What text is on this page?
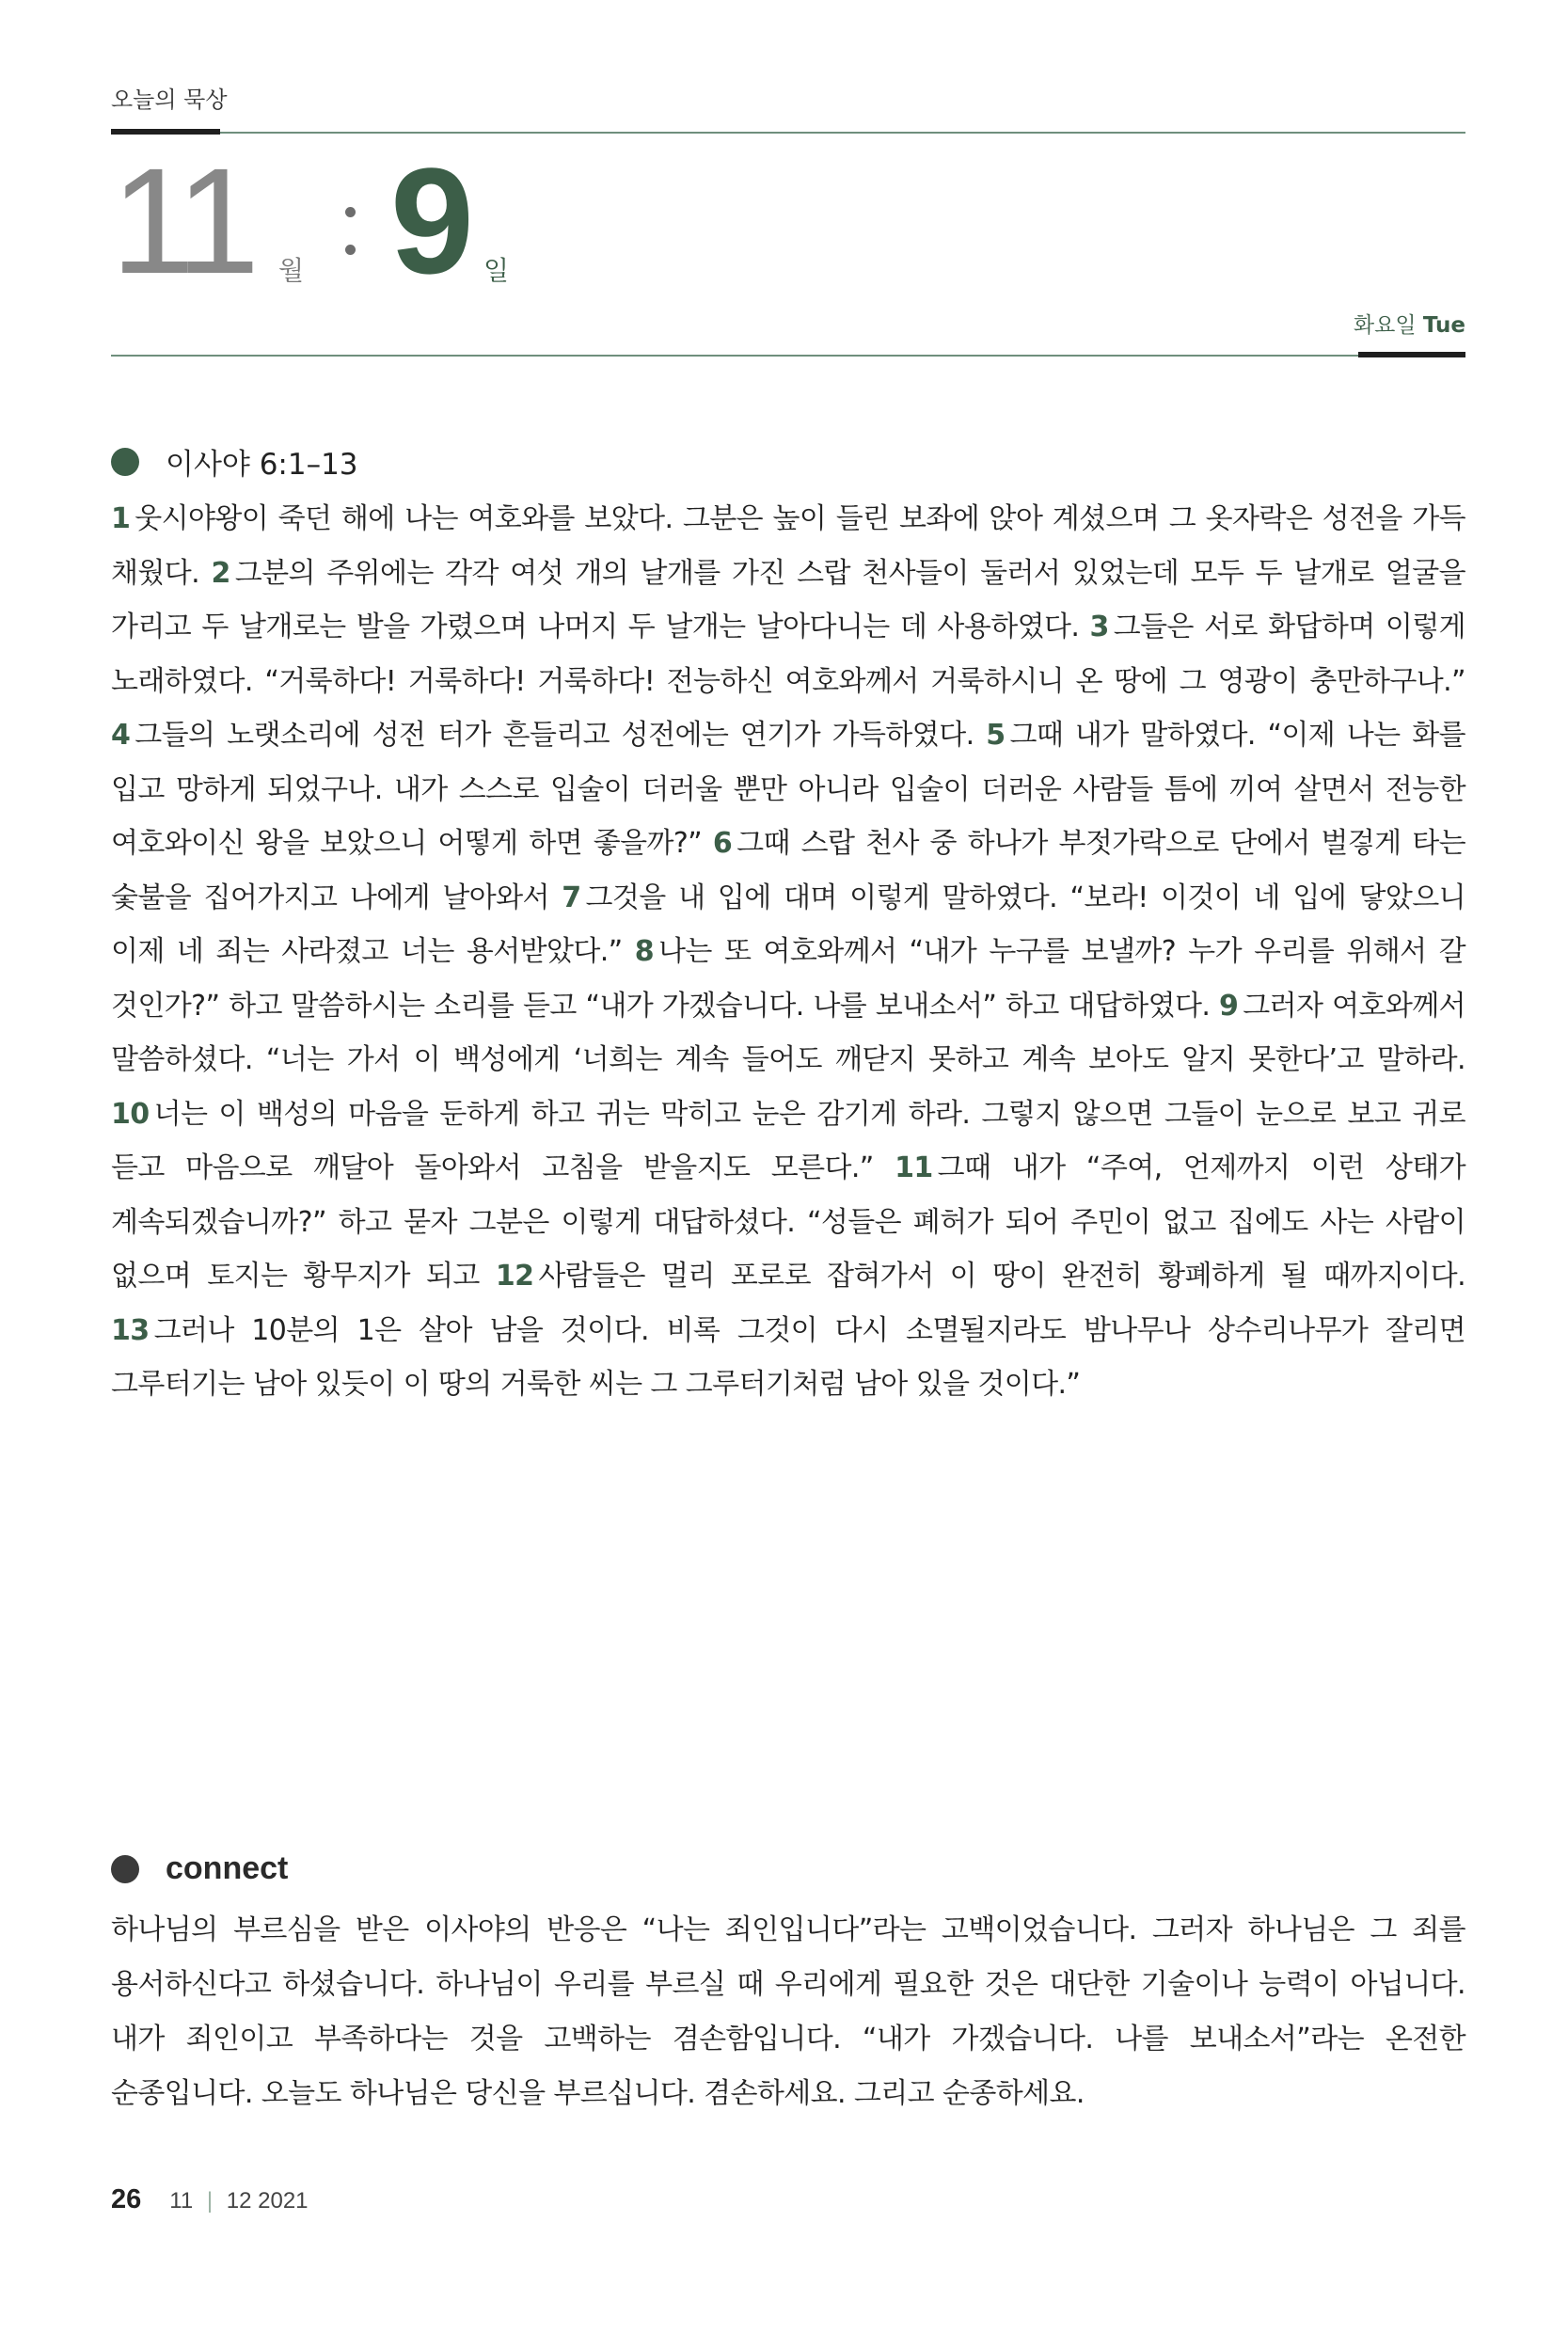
오늘의 묵상
11 월 9 일
화요일 Tue
이사야 6:1–13
1 웃시야왕이 죽던 해에 나는 여호와를 보았다. 그분은 높이 들린 보좌에 앉아 계셨으며 그 옷자락은 성전을 가득 채웠다. 2 그분의 주위에는 각각 여섯 개의 날개를 가진 스랍 천사들이 둘러서 있었는데 모두 두 날개로 얼굴을 가리고 두 날개로는 발을 가렸으며 나머지 두 날개는 날아다니는 데 사용하였다. 3 그들은 서로 화답하며 이렇게 노래하였다. “거룩하다! 거룩하다! 거룩하다! 전능하신 여호와께서 거룩하시니 온 땅에 그 영광이 충만하구나.” 4 그들의 노랫소리에 성전 터가 흔들리고 성전에는 연기가 가득하였다. 5 그때 내가 말하였다. “이제 나는 화를 입고 망하게 되었구나. 내가 스스로 입술이 더러울 뿐만 아니라 입술이 더러운 사람들 틈에 끼여 살면서 전능한 여호와이신 왕을 보았으니 어떻게 하면 좋을까?” 6 그때 스랍 천사 중 하나가 부젓가락으로 단에서 벌겋게 타는 숯불을 집어가지고 나에게 날아와서 7 그것을 내 입에 대며 이렇게 말하였다. “보라! 이것이 네 입에 닿았으니 이제 네 죄는 사라졌고 너는 용서받았다.” 8 나는 또 여호와께서 “내가 누구를 보낼까? 누가 우리를 위해서 갈 것인가?” 하고 말씀하시는 소리를 듣고 “내가 가겠습니다. 나를 보내소서” 하고 대답하였다. 9 그러자 여호와께서 말씀하셨다. “너는 가서 이 백성에게 ‘너희는 계속 들어도 깨닫지 못하고 계속 보아도 알지 못한다’고 말하라. 10 너는 이 백성의 마음을 둔하게 하고 귀는 막히고 눈은 감기게 하라. 그렇지 않으면 그들이 눈으로 보고 귀로 듣고 마음으로 깨달아 돌아와서 고침을 받을지도 모른다.” 11 그때 내가 “주여, 언제까지 이런 상태가 계속되겠습니까?” 하고 묻자 그분은 이렇게 대답하셨다. “성들은 폐허가 되어 주민이 없고 집에도 사는 사람이 없으며 토지는 황무지가 되고 12 사람들은 멀리 포로로 잡혀가서 이 땅이 완전히 황폐하게 될 때까지이다. 13 그러나 10분의 1은 살아 남을 것이다. 비록 그것이 다시 소멸될지라도 밤나무나 상수리나무가 잘리면 그루터기는 남아 있듯이 이 땅의 거룩한 씨는 그 그루터기처럼 남아 있을 것이다.”
connect
하나님의 부르심을 받은 이사야의 반응은 “나는 죄인입니다”라는 고백이었습니다. 그러자 하나님은 그 죄를 용서하신다고 하셨습니다. 하나님이 우리를 부르실 때 우리에게 필요한 것은 대단한 기술이나 능력이 아닙니다. 내가 죄인이고 부족하다는 것을 고백하는 겸손함입니다. “내가 가겠습니다. 나를 보내소서”라는 온전한 순종입니다. 오늘도 하나님은 당신을 부르십니다. 겸손하세요. 그리고 순종하세요.
26 11 | 12 2021
